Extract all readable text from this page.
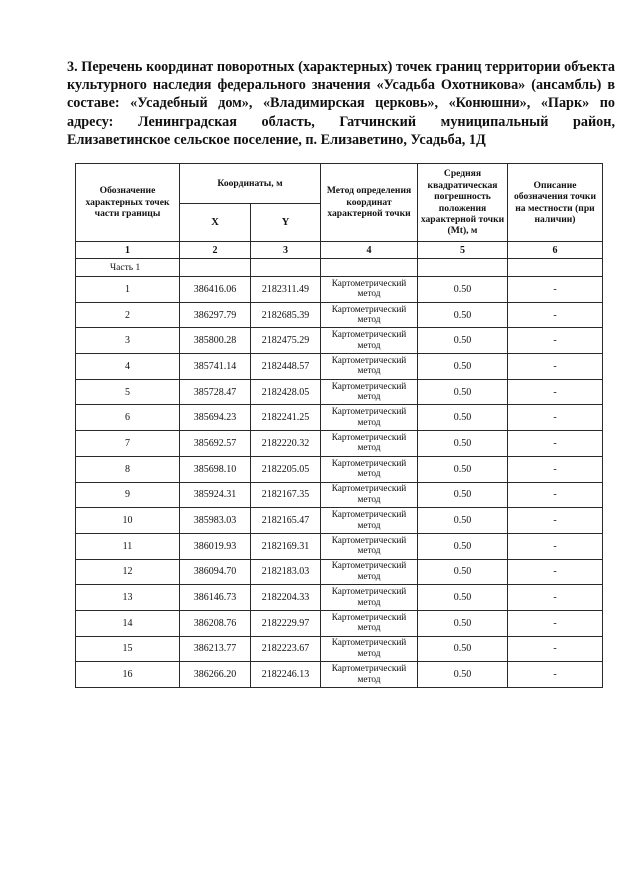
3. Перечень координат поворотных (характерных) точек границ территории объекта культурного наследия федерального значения «Усадьба Охотникова» (ансамбль) в составе: «Усадебный дом», «Владимирская церковь», «Конюшни», «Парк» по адресу: Ленинградская область, Гатчинский муниципальный район, Елизаветинское сельское поселение, п. Елизаветино, Усадьба, 1Д

Обозначение характерных точек части границы	Координаты, м		Метод определения координат характерной точки	Средняя квадратическая погрешность положения характерной точки (Mt), м	Описание обозначения точки на местности (при наличии)
	X	Y			
1	2	3	4	5	6
Часть 1					
1	386416.06	2182311.49	Картометрический метод	0.50	-
2	386297.79	2182685.39	Картометрический метод	0.50	-
3	385800.28	2182475.29	Картометрический метод	0.50	-
4	385741.14	2182448.57	Картометрический метод	0.50	-
5	385728.47	2182428.05	Картометрический метод	0.50	-
6	385694.23	2182241.25	Картометрический метод	0.50	-
7	385692.57	2182220.32	Картометрический метод	0.50	-
8	385698.10	2182205.05	Картометрический метод	0.50	-
9	385924.31	2182167.35	Картометрический метод	0.50	-
10	385983.03	2182165.47	Картометрический метод	0.50	-
11	386019.93	2182169.31	Картометрический метод	0.50	-
12	386094.70	2182183.03	Картометрический метод	0.50	-
13	386146.73	2182204.33	Картометрический метод	0.50	-
14	386208.76	2182229.97	Картометрический метод	0.50	-
15	386213.77	2182223.67	Картометрический метод	0.50	-
16	386266.20	2182246.13	Картометрический метод	0.50	-
